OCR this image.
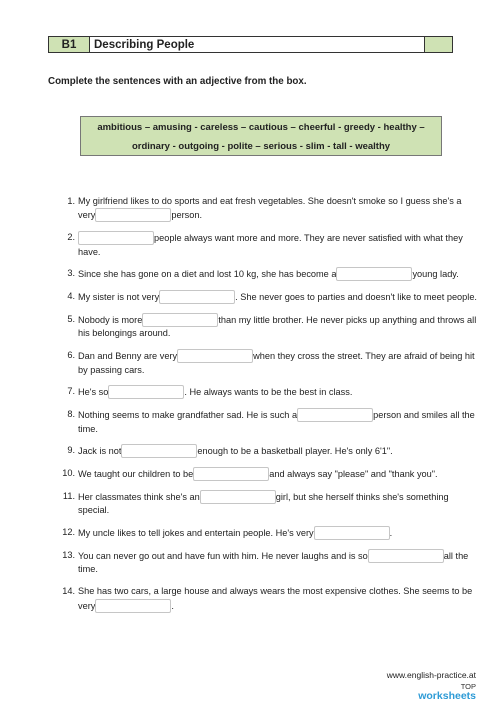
B1	Describing People
Complete the sentences with an adjective from the box.
ambitious – amusing - careless – cautious – cheerful - greedy - healthy –
ordinary - outgoing - polite – serious - slim - tall - wealthy
1. My girlfriend likes to do sports and eat fresh vegetables. She doesn't smoke so I guess she's a very	person.
2.	people always want more and more. They are never satisfied with what they have.
3. Since she has gone on a diet and lost 10 kg, she has become a	young lady.
4. My sister is not very	. She never goes to parties and doesn't like to meet people.
5. Nobody is more	than my little brother. He never picks up anything and throws all his belongings around.
6. Dan and Benny are very	when they cross the street. They are afraid of being hit by passing cars.
7. He's so	. He always wants to be the best in class.
8. Nothing seems to make grandfather sad. He is such a	person and smiles all the time.
9. Jack is not	enough to be a basketball player. He's only 6'1".
10. We taught our children to be	and always say "please" and "thank you".
11. Her classmates think she's an	girl, but she herself thinks she's something special.
12. My uncle likes to tell jokes and entertain people. He's very	.
13. You can never go out and have fun with him. He never laughs and is so	all the time.
14. She has two cars, a large house and always wears the most expensive clothes. She seems to be very	.
www.english-practice.at
TOP
worksheets
